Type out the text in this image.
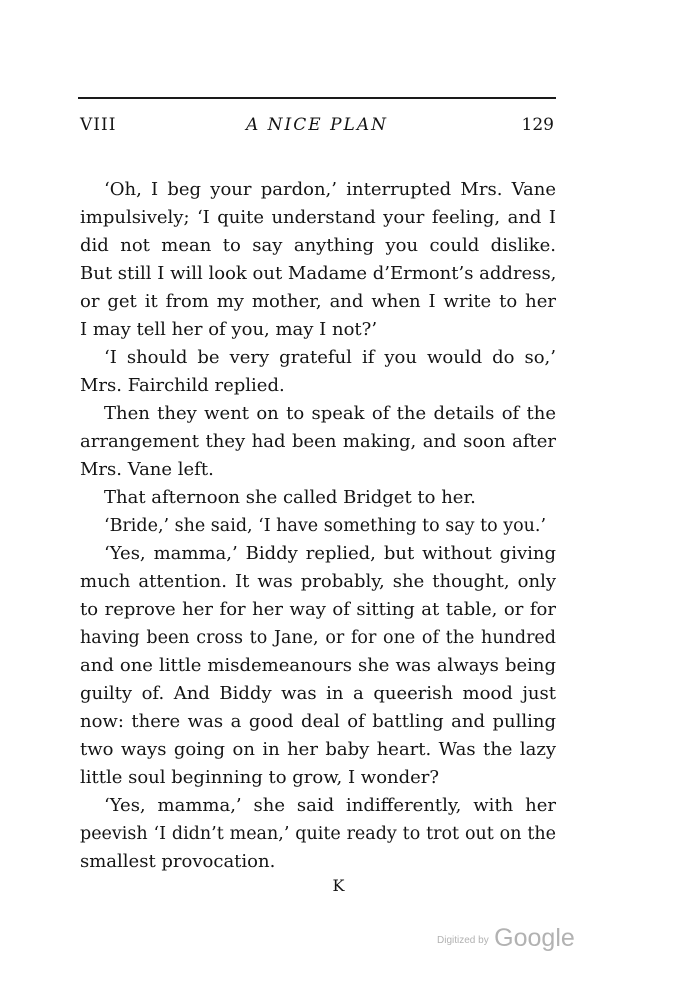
VIII	A NICE PLAN	129
‘Oh, I beg your pardon,’ interrupted Mrs. Vane
impulsively; ‘I quite understand your feeling, and I
did not mean to say anything you could dislike.
But still I will look out Madame d’Ermont’s address,
or get it from my mother, and when I write to her
I may tell her of you, may I not?’
‘I should be very grateful if you would do so,’
Mrs. Fairchild replied.
Then they went on to speak of the details of the
arrangement they had been making, and soon after
Mrs. Vane left.
That afternoon she called Bridget to her.
‘Bride,’ she said, ‘I have something to say to you.’
‘Yes, mamma,’ Biddy replied, but without giving
much attention. It was probably, she thought, only
to reprove her for her way of sitting at table, or for
having been cross to Jane, or for one of the hundred
and one little misdemeanours she was always being
guilty of. And Biddy was in a queerish mood just
now: there was a good deal of battling and pulling
two ways going on in her baby heart. Was the lazy
little soul beginning to grow, I wonder?
‘Yes, mamma,’ she said indifferently, with her
peevish ‘I didn’t mean,’ quite ready to trot out on the
smallest provocation.
K
Digitized by Google
